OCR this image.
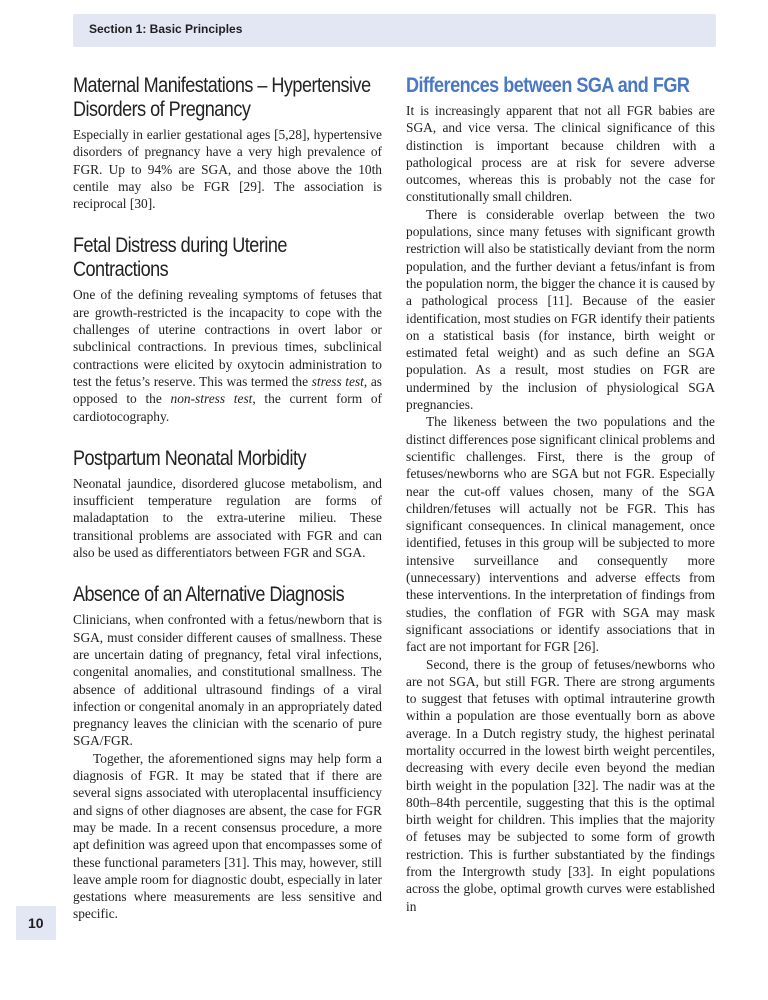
Section 1: Basic Principles
Maternal Manifestations – Hypertensive Disorders of Pregnancy

Especially in earlier gestational ages [5,28], hypertensive disorders of pregnancy have a very high prevalence of FGR. Up to 94% are SGA, and those above the 10th centile may also be FGR [29]. The association is reciprocal [30].

Fetal Distress during Uterine Contractions

One of the defining revealing symptoms of fetuses that are growth-restricted is the incapacity to cope with the challenges of uterine contractions in overt labor or subclinical contractions. In previous times, subclinical contractions were elicited by oxytocin administration to test the fetus’s reserve. This was termed the stress test, as opposed to the non-stress test, the current form of cardiotocography.

Postpartum Neonatal Morbidity

Neonatal jaundice, disordered glucose metabolism, and insufficient temperature regulation are forms of maladaptation to the extra-uterine milieu. These transitional problems are associated with FGR and can also be used as differentiators between FGR and SGA.

Absence of an Alternative Diagnosis

Clinicians, when confronted with a fetus/newborn that is SGA, must consider different causes of smallness. These are uncertain dating of pregnancy, fetal viral infections, congenital anomalies, and constitutional smallness. The absence of additional ultrasound findings of a viral infection or congenital anomaly in an appropriately dated pregnancy leaves the clinician with the scenario of pure SGA/FGR.

Together, the aforementioned signs may help form a diagnosis of FGR. It may be stated that if there are several signs associated with uteroplacental insufficiency and signs of other diagnoses are absent, the case for FGR may be made. In a recent consensus procedure, a more apt definition was agreed upon that encompasses some of these functional parameters [31]. This may, however, still leave ample room for diagnostic doubt, especially in later gestations where measurements are less sensitive and specific.

Differences between SGA and FGR

It is increasingly apparent that not all FGR babies are SGA, and vice versa. The clinical significance of this distinction is important because children with a pathological process are at risk for severe adverse outcomes, whereas this is probably not the case for constitutionally small children.

There is considerable overlap between the two populations, since many fetuses with significant growth restriction will also be statistically deviant from the norm population, and the further deviant a fetus/infant is from the population norm, the bigger the chance it is caused by a pathological process [11]. Because of the easier identification, most studies on FGR identify their patients on a statistical basis (for instance, birth weight or estimated fetal weight) and as such define an SGA population. As a result, most studies on FGR are undermined by the inclusion of physiological SGA pregnancies.

The likeness between the two populations and the distinct differences pose significant clinical problems and scientific challenges. First, there is the group of fetuses/newborns who are SGA but not FGR. Especially near the cut-off values chosen, many of the SGA children/fetuses will actually not be FGR. This has significant consequences. In clinical management, once identified, fetuses in this group will be subjected to more intensive surveillance and consequently more (unnecessary) interventions and adverse effects from these interventions. In the interpretation of findings from studies, the conflation of FGR with SGA may mask significant associations or identify associations that in fact are not important for FGR [26].

Second, there is the group of fetuses/newborns who are not SGA, but still FGR. There are strong arguments to suggest that fetuses with optimal intrauterine growth within a population are those eventually born as above average. In a Dutch registry study, the highest perinatal mortality occurred in the lowest birth weight percentiles, decreasing with every decile even beyond the median birth weight in the population [32]. The nadir was at the 80th–84th percentile, suggesting that this is the optimal birth weight for children. This implies that the majority of fetuses may be subjected to some form of growth restriction. This is further substantiated by the findings from the Intergrowth study [33]. In eight populations across the globe, optimal growth curves were established in

10
